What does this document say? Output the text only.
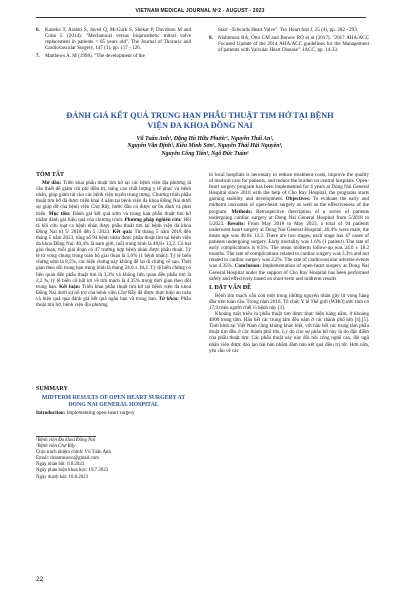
VIETNAM MEDICAL JOURNAL Nº2 - AUGUST - 2023
6. Kaneko T, Aranki S, Javed Q, McGurk S, Shekar P, Davidson M and Cohn L (2014). "Mechanical versus bioprosthetic mitral valve replacement in patients < 65 years old". The Journal of Thoracic and Cardiovascular Surgery, 147 (1), pp. 117 - 126.
7. Matthews A. M (1998). "The development of the
Starr - Edwards Heart Valve". Tex Heart Inst J, 25 (4), pp. 282 - 293.
8. Nishimura RA, Otto CM and Bonow RO et al (2017). "2017 AHA/ACC Focused Update of the 2014 AHA/ACC guidelines for the Management of patients with Valvular Heart Disease". JACC, pp. 14-33.
ĐÁNH GIÁ KẾT QUẢ TRUNG HẠN PHẪU THUẬT TIM HỞ TẠI BỆNH VIỆN ĐA KHOA ĐỒNG NAI
Vũ Tuấn Anh¹, Đặng Hà Hữu Phước¹, Nguyễn Thái An²,
Nguyễn Văn Định¹, Kiều Minh Sơn¹, Nguyễn Thái Hải Nguyên¹,
Nguyễn Công Tiến¹, Ngô Đức Tuấn¹
TÓM TẮT

Mở đầu: Triển khai phẫu thuật tim hở tại các bệnh viện địa phương là cần thiết để giảm chi phí điều trị, nâng cao chất lượng y tế phục vụ bệnh nhân, giúp giảm tải cho các bệnh viện tuyến trung ương. Chương trình phẫu thuật tim hở đã được triển khai 4 năm tại bệnh viện đa khoa Đồng Nai dưới sự giúp đỡ của bệnh viện Chợ Rẫy, bước đầu có được sự ổn định và phát triển. Mục tiêu: Đánh giá kết quả sớm và trung hạn phẫu thuật tim hở nhằm đánh giá hiệu quả của chương trình. Phương pháp nghiên cứu: Hồi tả hồi cứu loạt ca bệnh nhân được phẫu thuật tim tại bệnh viện đa khoa Đồng Nai từ 5/ 2018 đến 5 /2023. Kết quả: Từ tháng 5 năm 2018 đến tháng 5 năm 2023, tổng số 94 bệnh nhân được phẫu thuật tim tại bệnh viện đa khoa Đồng Nai. 40,4% là nam giới, tuổi trung bình là 48,8± 13,2. Có hai giai đoạn, mỗi giai đoạn có 47 trường hợp bệnh nhân được phẫu thuật. Tỷ lệ tử vong chung trong toàn bộ giai đoạn là 1,6% (1 bệnh nhân). Tỷ lệ biến chứng sớm là 8,5%, các biến chứng này không để lại di chứng về sau. Thời gian theo dõi trung hạn trung bình là tháng 24,0 ± 18,2. Tỷ lệ biến chứng có liên quan đến phẫu thuật tim là 3,3% và không liên quan đến phẫu tim là 2,2 %, tỷ lệ biến cố bất lợi về tim mạch là 4,35% trong thời gian theo dõi trung hạn. Kết luận: Triển khai phẫu thuật tim hở tại bệnh viện đa khoa Đồng Nai dưới sự hỗ trợ của bệnh viện Chợ Rẫy đã được thực hiện an toàn và hiệu quả qua đánh giá kết quả ngắn hạn và trung hạn. Từ khóa: Phẫu thuật tim hở, bệnh viện địa phương

SUMMARY
MIDTERM RESULTS OF OPEN HEART SURGERY AT DONG NAI GENERAL HOSPITAL
Introduction: Implementing open-heart surgery
¹Bệnh viện Đa khoa Đồng Nai
²Bệnh viện Chợ Rẫy
Chịu trách nhiệm chính: Vũ Tuấn Anh
Email: drantmuavo@gmail.com
Ngày nhận bài: 6.6.2023
Ngày phản biện khoa học: 19.7.2023
Ngày duyệt bài: 10.8.2023

in local hospitals is necessary to reduce treatment costs, improve the quality of medical care for patients, and reduce the burden on central hospitals. Open-heart surgery program has been implemented for 4 years at Dong Nai General Hospital since 2018 with the help of Cho Ray Hospital, the programs starts gaining stability and development. Objectives: To evaluate the early and midterm outcomes of open-heart surgery as well as the effectiveness of the program. Methods: Retrospective description of a series of patients undergoing cardiac surgery at Dong Nai General Hospital from 5/2018 to 5/2023. Results: From May 2018 to May 2023, a total of 94 patients underwent heart surgery at Dong Nai General Hospital. 40.4% were male, the mean age was 48.8± 13.2. There are two stages, each stage has 47 cases of patients undergoing surgery. Early mortality was 1.6% (1 patient). The rate of early complications is 8.5%. The mean midterm follow-up was 24.0 ± 18.2 months. The rate of complications related to cardiac surgery was 3.3% and not related to cardiac surgery was 2.2%. The rate of cardiovascular adverse events was 4.35%. Conclusion: Implementation of open-heart surgery at Dong Nai General Hospital under the support of Cho Ray Hospital has been performed safely and effectively based on short-term and midterm results

I. ĐẶT VẤN ĐỀ

Bệnh tim mạch vẫn còn một trong những nguyên nhân gây tử vong hàng đầu trên toàn cầu. Trong năm 2016, Tổ chức Y tế Thế giới (WHO) ước tính có 17,9 triệu người chết vì bệnh này [3].

Khoảng một triệu ca phẫu thuật tim được thực hiện hàng năm, ở khoảng 4000 trung tâm. Hầu hết các trung tâm đều nằm ở các thành phố lớn [4],[5]. Tình hình tại Việt Nam cũng không khác biệt, với hầu hết các trung tâm phẫu thuật tim đều ở các thành phố lớn. Lý do cho sự phân bổ này là do đặc điểm của phẫu thuật tim: Các phẫu thuật này này đòi hỏi công nghệ cao, đội ngũ nhân viên được đào tạo bài bản nhằm đảm bảo kết quả điều trị tốt. Hơn nữa, yêu cầu về các

22
